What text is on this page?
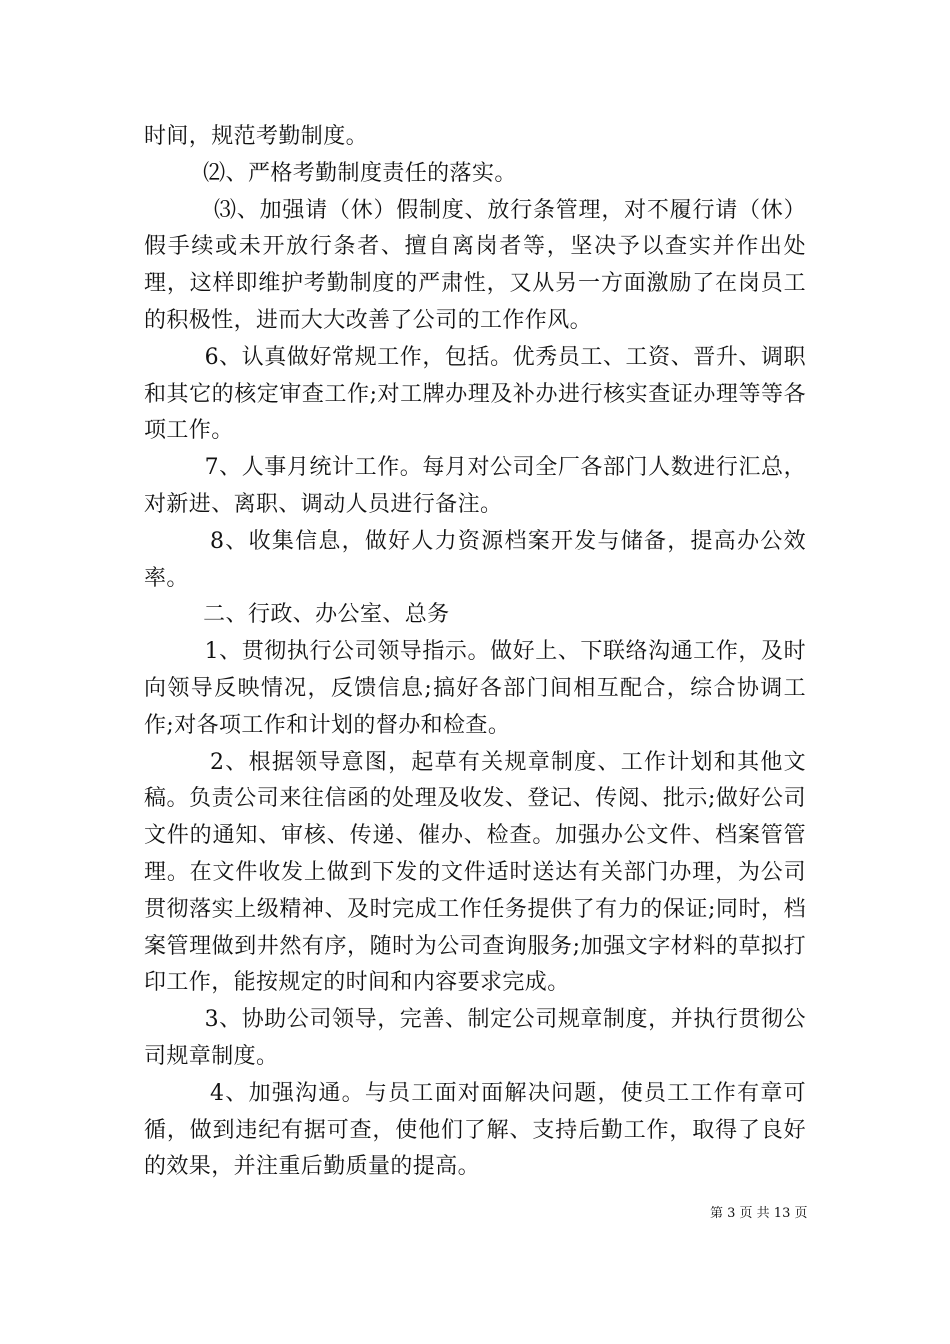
时间，规范考勤制度。

⑵、严格考勤制度责任的落实。

⑶、加强请（休）假制度、放行条管理，对不履行请（休）假手续或未开放行条者、擅自离岗者等，坚决予以查实并作出处理，这样即维护考勤制度的严肃性，又从另一方面激励了在岗员工的积极性，进而大大改善了公司的工作作风。

6、认真做好常规工作，包括。优秀员工、工资、晋升、调职和其它的核定审查工作;对工牌办理及补办进行核实查证办理等等各项工作。

7、人事月统计工作。每月对公司全厂各部门人数进行汇总，对新进、离职、调动人员进行备注。

8、收集信息，做好人力资源档案开发与储备，提高办公效率。

二、行政、办公室、总务

1、贯彻执行公司领导指示。做好上、下联络沟通工作，及时向领导反映情况，反馈信息;搞好各部门间相互配合，综合协调工作;对各项工作和计划的督办和检查。

2、根据领导意图，起草有关规章制度、工作计划和其他文稿。负责公司来往信函的处理及收发、登记、传阅、批示;做好公司文件的通知、审核、传递、催办、检查。加强办公文件、档案管管理。在文件收发上做到下发的文件适时送达有关部门办理，为公司贯彻落实上级精神、及时完成工作任务提供了有力的保证;同时，档案管理做到井然有序，随时为公司查询服务;加强文字材料的草拟打印工作，能按规定的时间和内容要求完成。

3、协助公司领导，完善、制定公司规章制度，并执行贯彻公司规章制度。

4、加强沟通。与员工面对面解决问题，使员工工作有章可循，做到违纪有据可查，使他们了解、支持后勤工作，取得了良好的效果，并注重后勤质量的提高。

第 3 页 共 13 页
